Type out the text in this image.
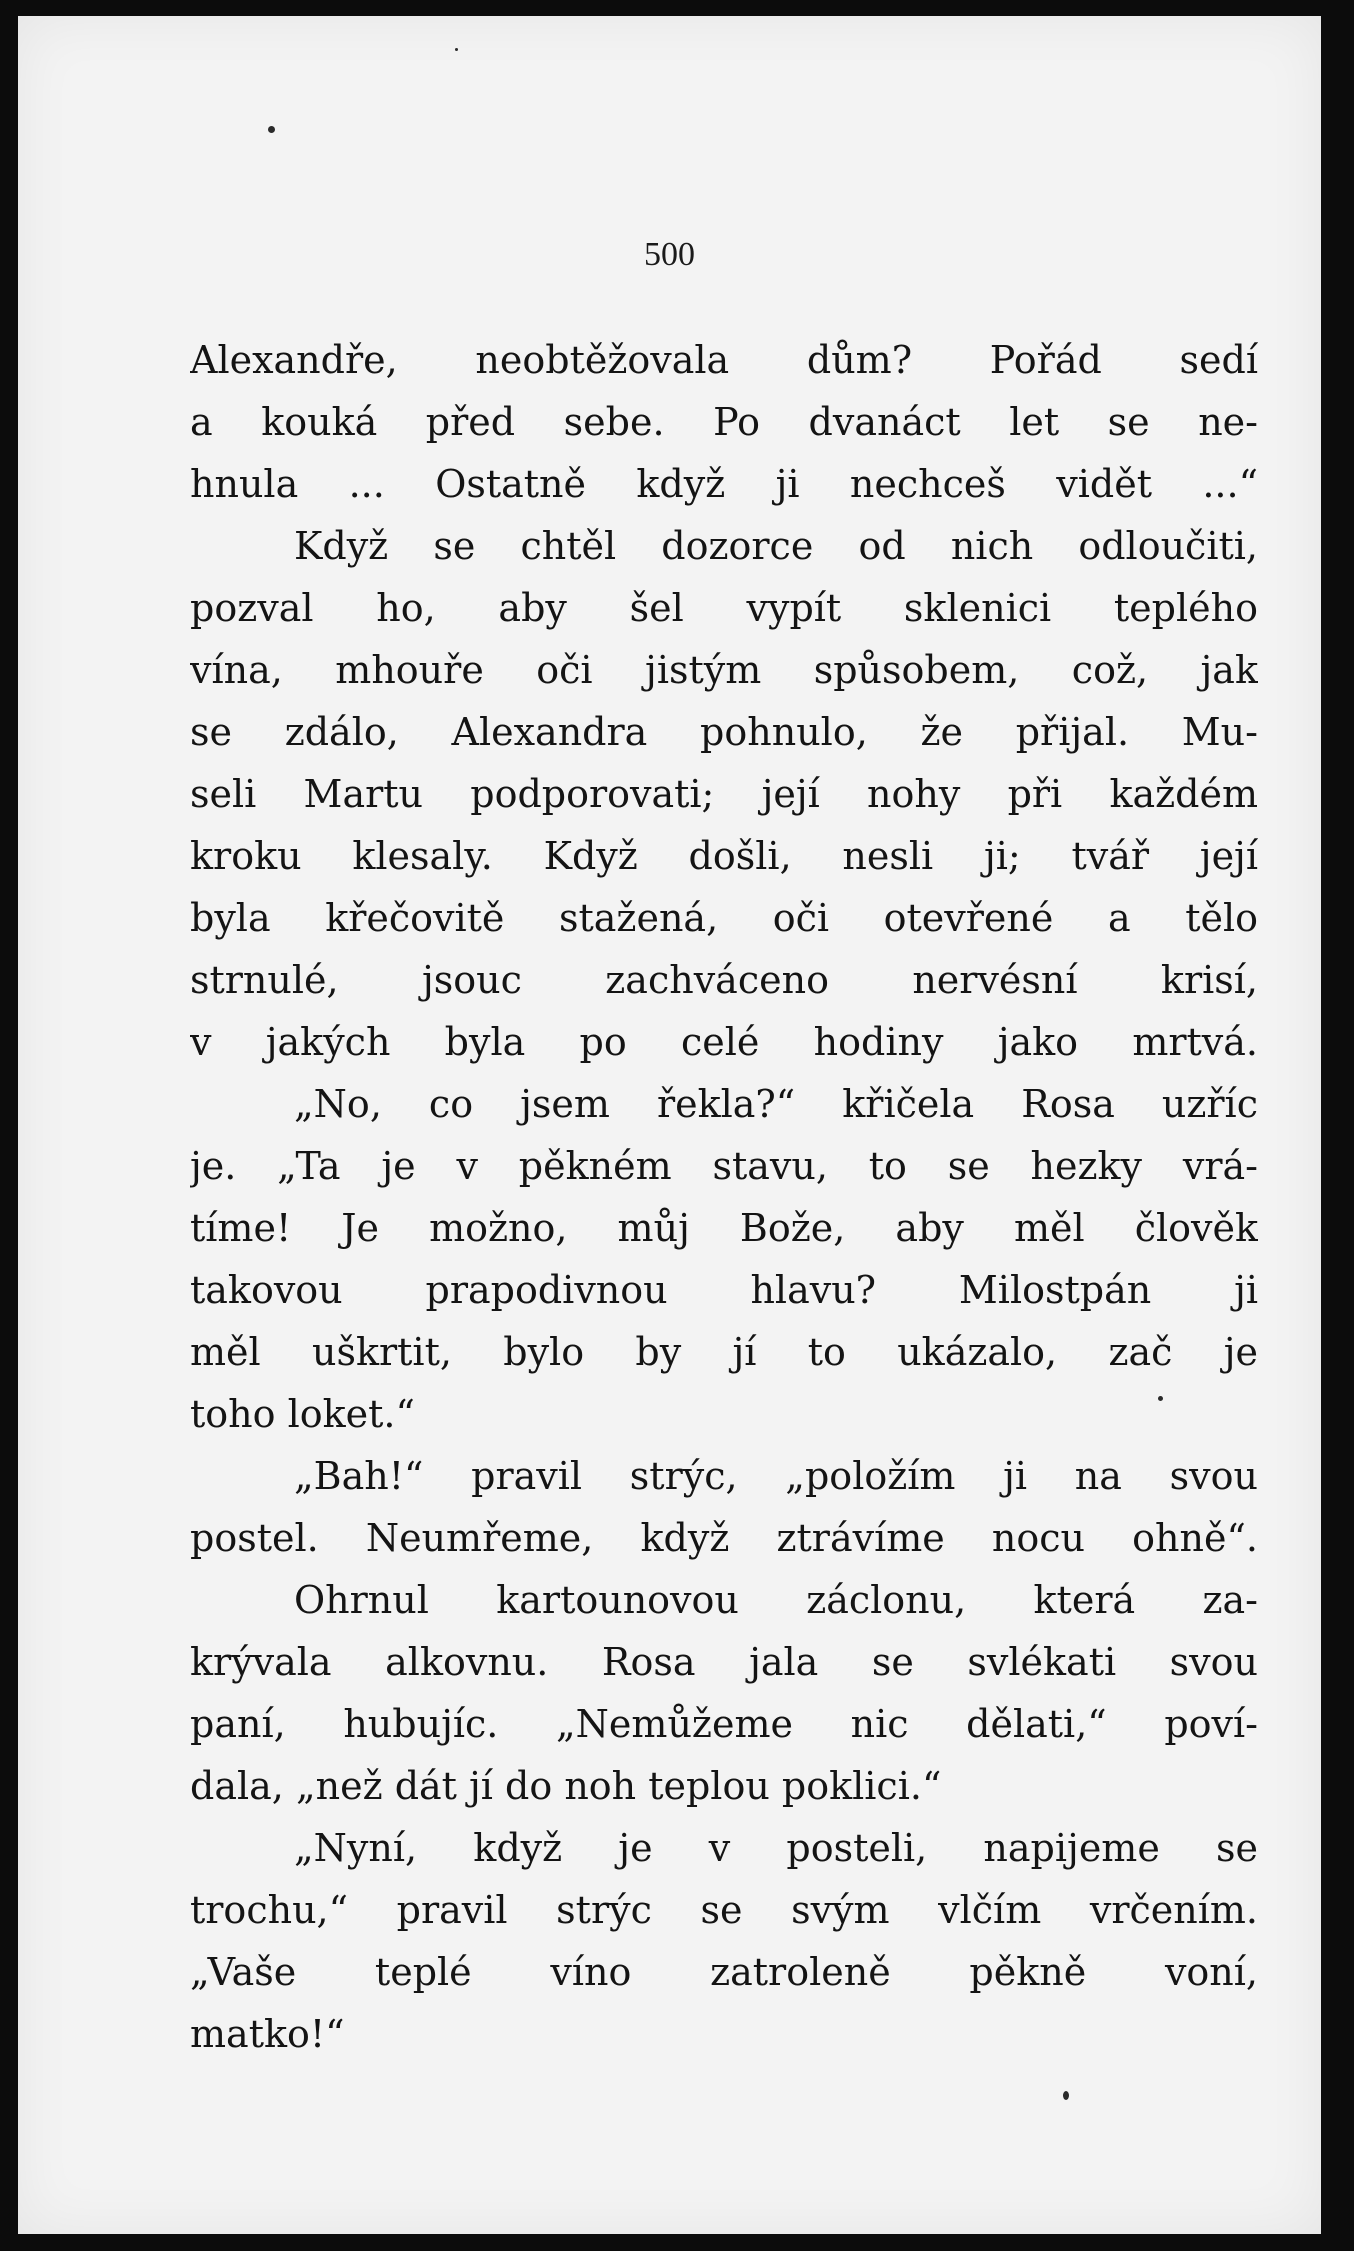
500
Alexandře, neobtěžovala dům? Pořád sedí
a kouká před sebe. Po dvanáct let se ne-
hnula ... Ostatně když ji nechceš vidět ...“
Když se chtěl dozorce od nich odloučiti,
pozval ho, aby šel vypít sklenici teplého
vína, mhouře oči jistým spůsobem, což, jak
se zdálo, Alexandra pohnulo, že přijal. Mu-
seli Martu podporovati; její nohy při každém
kroku klesaly. Když došli, nesli ji; tvář její
byla křečovitě stažená, oči otevřené a tělo
strnulé, jsouc zachváceno nervésní krisí,
v jakých byla po celé hodiny jako mrtvá.
„No, co jsem řekla?“ křičela Rosa uzříc
je. „Ta je v pěkném stavu, to se hezky vrá-
tíme! Je možno, můj Bože, aby měl člověk
takovou prapodivnou hlavu? Milostpán ji
měl uškrtit, bylo by jí to ukázalo, zač je
toho loket.“
„Bah!“ pravil strýc, „položím ji na svou
postel. Neumřeme, když ztrávíme nocu ohně“.
Ohrnul kartounovou záclonu, která za-
krývala alkovnu. Rosa jala se svlékati svou
paní, hubujíc. „Nemůžeme nic dělati,“ poví-
dala, „než dát jí do noh teplou poklici.“
„Nyní, když je v posteli, napijeme se
trochu,“ pravil strýc se svým vlčím vrčením.
„Vaše teplé víno zatroleně pěkně voní,
matko!“
